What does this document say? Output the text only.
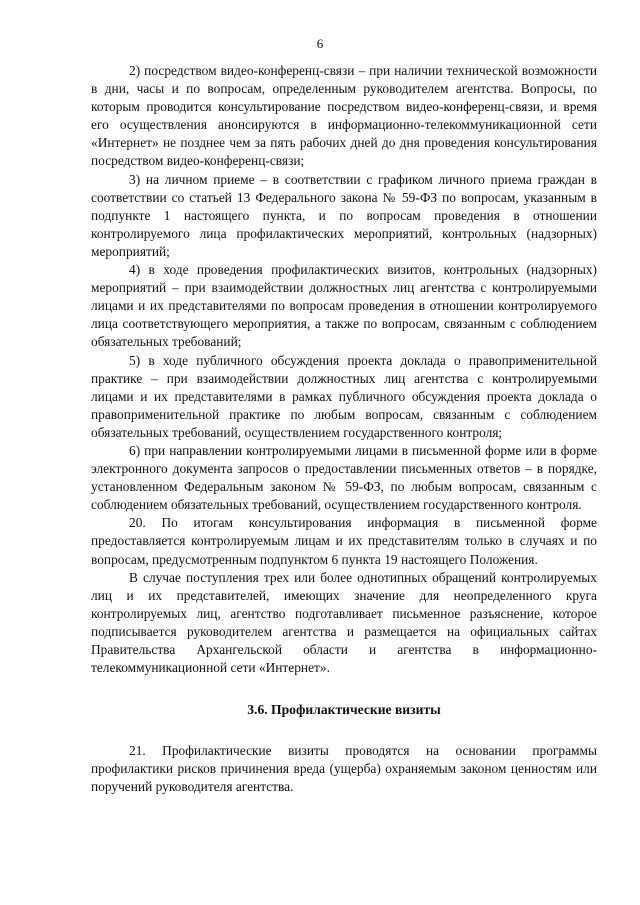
6

2) посредством видео-конференц-связи – при наличии технической возможности в дни, часы и по вопросам, определенным руководителем агентства. Вопросы, по которым проводится консультирование посредством видео-конференц-связи, и время его осуществления анонсируются в информационно-телекоммуникационной сети «Интернет» не позднее чем за пять рабочих дней до дня проведения консультирования посредством видео-конференц-связи;

3) на личном приеме – в соответствии с графиком личного приема граждан в соответствии со статьей 13 Федерального закона № 59-ФЗ по вопросам, указанным в подпункте 1 настоящего пункта, и по вопросам проведения в отношении контролируемого лица профилактических мероприятий, контрольных (надзорных) мероприятий;

4) в ходе проведения профилактических визитов, контрольных (надзорных) мероприятий – при взаимодействии должностных лиц агентства с контролируемыми лицами и их представителями по вопросам проведения в отношении контролируемого лица соответствующего мероприятия, а также по вопросам, связанным с соблюдением обязательных требований;

5) в ходе публичного обсуждения проекта доклада о правоприменительной практике – при взаимодействии должностных лиц агентства с контролируемыми лицами и их представителями в рамках публичного обсуждения проекта доклада о правоприменительной практике по любым вопросам, связанным с соблюдением обязательных требований, осуществлением государственного контроля;

6) при направлении контролируемыми лицами в письменной форме или в форме электронного документа запросов о предоставлении письменных ответов – в порядке, установленном Федеральным законом № 59-ФЗ, по любым вопросам, связанным с соблюдением обязательных требований, осуществлением государственного контроля.

20. По итогам консультирования информация в письменной форме предоставляется контролируемым лицам и их представителям только в случаях и по вопросам, предусмотренным подпунктом 6 пункта 19 настоящего Положения.

В случае поступления трех или более однотипных обращений контролируемых лиц и их представителей, имеющих значение для неопределенного круга контролируемых лиц, агентство подготавливает письменное разъяснение, которое подписывается руководителем агентства и размещается на официальных сайтах Правительства Архангельской области и агентства в информационно-телекоммуникационной сети «Интернет».

3.6. Профилактические визиты

21. Профилактические визиты проводятся на основании программы профилактики рисков причинения вреда (ущерба) охраняемым законом ценностям или поручений руководителя агентства.
